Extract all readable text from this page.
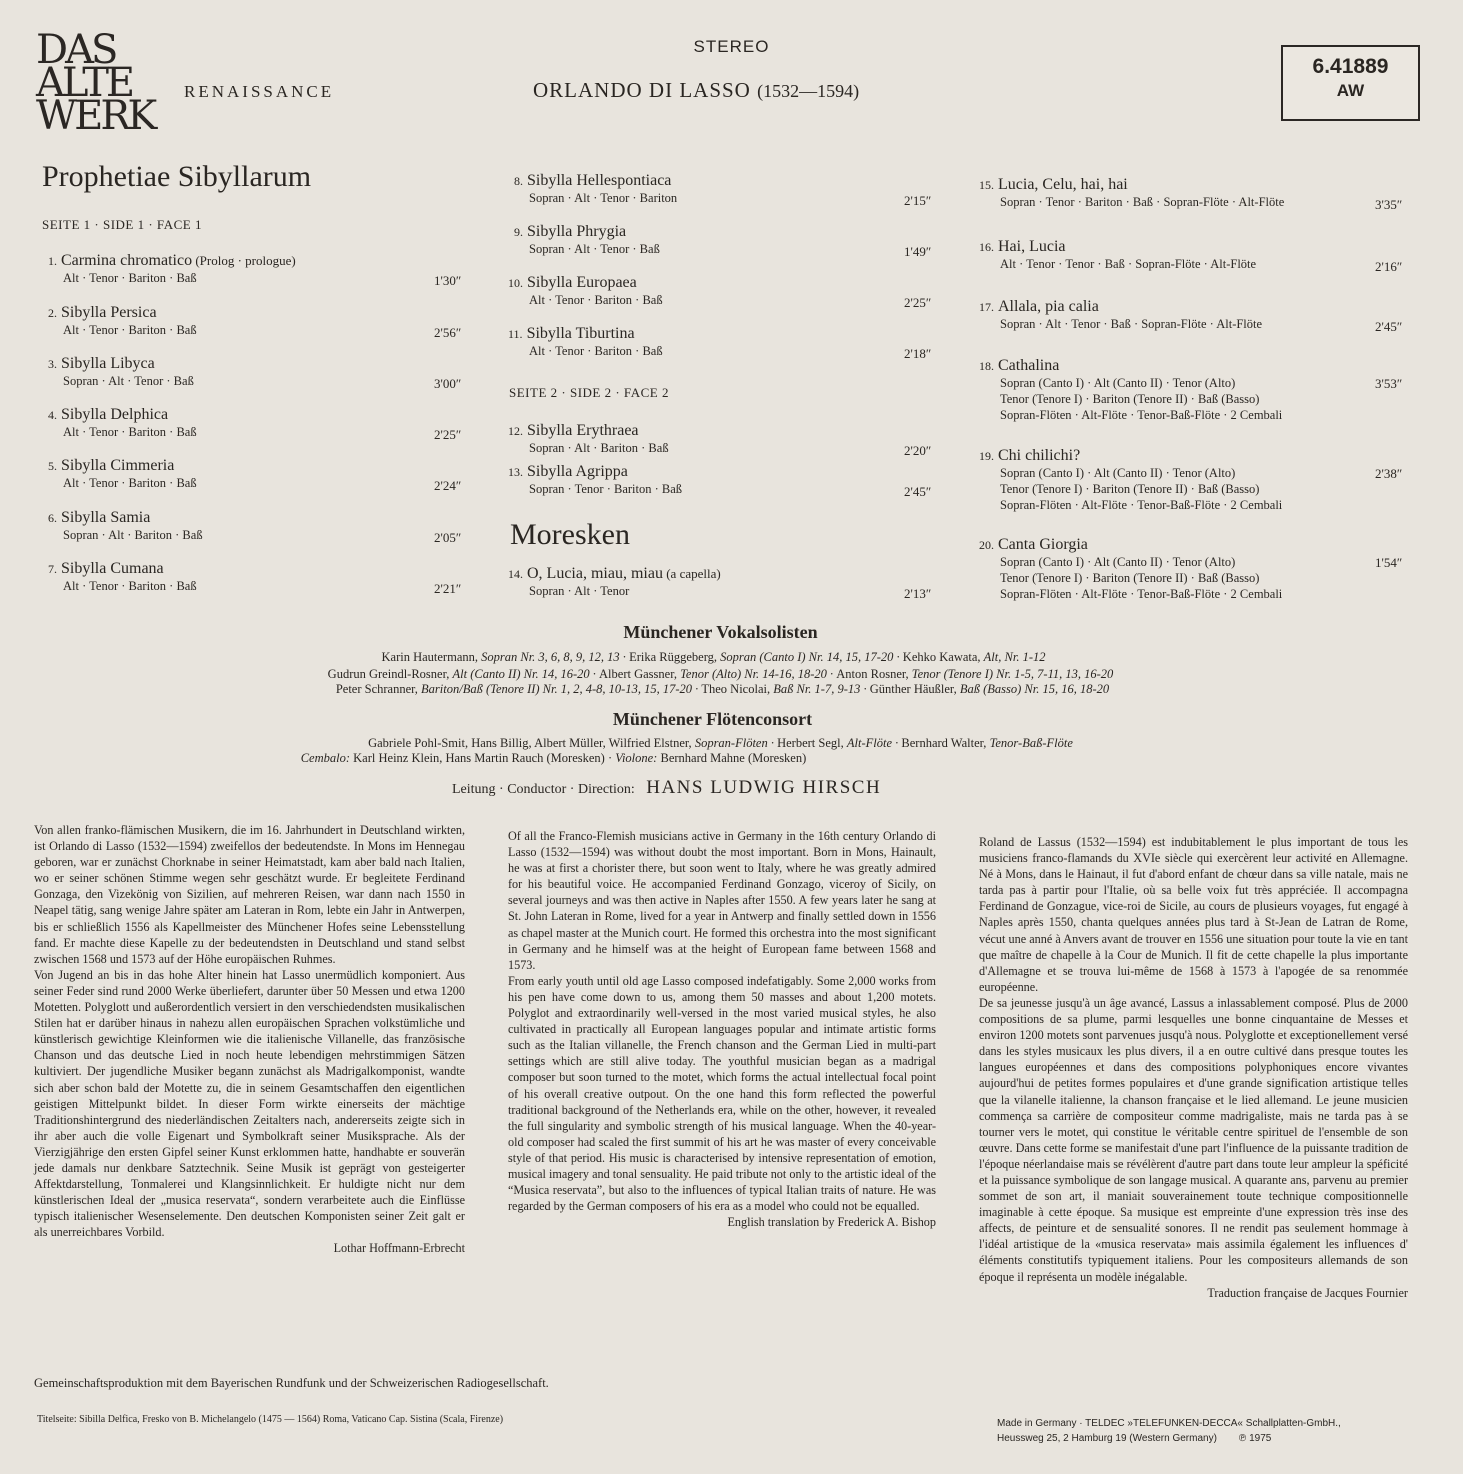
DAS
ALTE
WERK
RENAISSANCE
STEREO
ORLANDO DI LASSO (1532—1594)
6.41889
AW
Prophetiae Sibyllarum
SEITE 1 · SIDE 1 · FACE 1
SEITE 2 · SIDE 2 · FACE 2
Moresken
1. Carmina chromatico (Prolog · prologue)
Alt · Tenor · Bariton · Baß	1'30″
2. Sibylla Persica
Alt · Tenor · Bariton · Baß	2'56″
3. Sibylla Libyca
Sopran · Alt · Tenor · Baß	3'00″
4. Sibylla Delphica
Alt · Tenor · Bariton · Baß	2'25″
5. Sibylla Cimmeria
Alt · Tenor · Bariton · Baß	2'24″
6. Sibylla Samia
Sopran · Alt · Bariton · Baß	2'05″
7. Sibylla Cumana
Alt · Tenor · Bariton · Baß	2'21″
8. Sibylla Hellespontiaca
Sopran · Alt · Tenor · Bariton	2'15″
9. Sibylla Phrygia
Sopran · Alt · Tenor · Baß	1'49″
10. Sibylla Europaea
Alt · Tenor · Bariton · Baß	2'25″
11. Sibylla Tiburtina
Alt · Tenor · Bariton · Baß	2'18″
12. Sibylla Erythraea
Sopran · Alt · Bariton · Baß	2'20″
13. Sibylla Agrippa
Sopran · Tenor · Bariton · Baß	2'45″
14. O, Lucia, miau, miau (a capella)
Sopran · Alt · Tenor	2'13″
15. Lucia, Celu, hai, hai
Sopran · Tenor · Bariton · Baß · Sopran-Flöte · Alt-Flöte	3'35″
16. Hai, Lucia
Alt · Tenor · Tenor · Baß · Sopran-Flöte · Alt-Flöte	2'16″
17. Allala, pia calia
Sopran · Alt · Tenor · Baß · Sopran-Flöte · Alt-Flöte	2'45″
18. Cathalina
Sopran (Canto I) · Alt (Canto II) · Tenor (Alto)
Tenor (Tenore I) · Bariton (Tenore II) · Baß (Basso)
Sopran-Flöten · Alt-Flöte · Tenor-Baß-Flöte · 2 Cembali
3'53″
19. Chi chilichi?
Sopran (Canto I) · Alt (Canto II) · Tenor (Alto)
Tenor (Tenore I) · Bariton (Tenore II) · Baß (Basso)
Sopran-Flöten · Alt-Flöte · Tenor-Baß-Flöte · 2 Cembali
2'38″
20. Canta Giorgia
Sopran (Canto I) · Alt (Canto II) · Tenor (Alto)
Tenor (Tenore I) · Bariton (Tenore II) · Baß (Basso)
Sopran-Flöten · Alt-Flöte · Tenor-Baß-Flöte · 2 Cembali
1'54″
Münchener Vokalsolisten
Karin Hautermann, Sopran Nr. 3, 6, 8, 9, 12, 13 · Erika Rüggeberg, Sopran (Canto I) Nr. 14, 15, 17-20 · Kehko Kawata, Alt, Nr. 1-12
Gudrun Greindl-Rosner, Alt (Canto II) Nr. 14, 16-20 · Albert Gassner, Tenor (Alto) Nr. 14-16, 18-20 · Anton Rosner, Tenor (Tenore I) Nr. 1-5, 7-11, 13, 16-20
Peter Schranner, Bariton/Baß (Tenore II) Nr. 1, 2, 4-8, 10-13, 15, 17-20 · Theo Nicolai, Baß Nr. 1-7, 9-13 · Günther Häußler, Baß (Basso) Nr. 15, 16, 18-20
Münchener Flötenconsort
Gabriele Pohl-Smit, Hans Billig, Albert Müller, Wilfried Elstner, Sopran-Flöten · Herbert Segl, Alt-Flöte · Bernhard Walter, Tenor-Baß-Flöte
Cembalo: Karl Heinz Klein, Hans Martin Rauch (Moresken) · Violone: Bernhard Mahne (Moresken)
Leitung · Conductor · Direction: HANS LUDWIG HIRSCH

Von allen franko-flämischen Musikern, die im 16. Jahrhundert in Deutschland wirkten, ist Orlando di Lasso (1532—1594) zweifellos der bedeutendste. In Mons im Hennegau geboren, war er zunächst Chorknabe in seiner Heimatstadt, kam aber bald nach Italien, wo er seiner schönen Stimme wegen sehr geschätzt wurde. Er begleitete Ferdinand Gonzaga, den Vizekönig von Sizilien, auf mehreren Reisen, war dann nach 1550 in Neapel tätig, sang wenige Jahre später am Lateran in Rom, lebte ein Jahr in Antwerpen, bis er schließlich 1556 als Kapellmeister des Münchener Hofes seine Lebensstellung fand. Er machte diese Kapelle zu der bedeutendsten in Deutschland und stand selbst zwischen 1568 und 1573 auf der Höhe europäischen Ruhmes.

Von Jugend an bis in das hohe Alter hinein hat Lasso unermüdlich komponiert. Aus seiner Feder sind rund 2000 Werke überliefert, darunter über 50 Messen und etwa 1200 Motetten. Polyglott und außerordentlich versiert in den verschiedendsten musikalischen Stilen hat er darüber hinaus in nahezu allen europäischen Sprachen volkstümliche und künstlerisch gewichtige Kleinformen wie die italienische Villanelle, das französische Chanson und das deutsche Lied in noch heute lebendigen mehrstimmigen Sätzen kultiviert. Der jugendliche Musiker begann zunächst als Madrigalkomponist, wandte sich aber schon bald der Motette zu, die in seinem Gesamtschaffen den eigentlichen geistigen Mittelpunkt bildet. In dieser Form wirkte einerseits der mächtige Traditionshintergrund des niederländischen Zeitalters nach, andererseits zeigte sich in ihr aber auch die volle Eigenart und Symbolkraft seiner Musiksprache. Als der Vierzigjährige den ersten Gipfel seiner Kunst erklommen hatte, handhabte er souverän jede damals nur denkbare Satztechnik. Seine Musik ist geprägt von gesteigerter Affektdarstellung, Tonmalerei und Klangsinnlichkeit. Er huldigte nicht nur dem künstlerischen Ideal der „musica reservata“, sondern verarbeitete auch die Einflüsse typisch italienischer Wesenselemente. Den deutschen Komponisten seiner Zeit galt er als unerreichbares Vorbild.

Lothar Hoffmann-Erbrecht

Of all the Franco-Flemish musicians active in Germany in the 16th century Orlando di Lasso (1532—1594) was without doubt the most important. Born in Mons, Hainault, he was at first a chorister there, but soon went to Italy, where he was greatly admired for his beautiful voice. He accompanied Ferdinand Gonzago, viceroy of Sicily, on several journeys and was then active in Naples after 1550. A few years later he sang at St. John Lateran in Rome, lived for a year in Antwerp and finally settled down in 1556 as chapel master at the Munich court. He formed this orchestra into the most significant in Germany and he himself was at the height of European fame between 1568 and 1573.

From early youth until old age Lasso composed indefatigably. Some 2,000 works from his pen have come down to us, among them 50 masses and about 1,200 motets. Polyglot and extraordinarily well-versed in the most varied musical styles, he also cultivated in practically all European languages popular and intimate artistic forms such as the Italian villanelle, the French chanson and the German Lied in multi-part settings which are still alive today. The youthful musician began as a madrigal composer but soon turned to the motet, which forms the actual intellectual focal point of his overall creative outpout. On the one hand this form reflected the powerful traditional background of the Netherlands era, while on the other, however, it revealed the full singularity and symbolic strength of his musical language. When the 40-year-old composer had scaled the first summit of his art he was master of every conceivable style of that period. His music is characterised by intensive representation of emotion, musical imagery and tonal sensuality. He paid tribute not only to the artistic ideal of the “Musica reservata”, but also to the influences of typical Italian traits of nature. He was regarded by the German composers of his era as a model who could not be equalled.

English translation by Frederick A. Bishop

Roland de Lassus (1532—1594) est indubitablement le plus important de tous les musiciens franco-flamands du XVIe siècle qui exercèrent leur activité en Allemagne. Né à Mons, dans le Hainaut, il fut d'abord enfant de chœur dans sa ville natale, mais ne tarda pas à partir pour l'Italie, où sa belle voix fut très appréciée. Il accompagna Ferdinand de Gonzague, vice-roi de Sicile, au cours de plusieurs voyages, fut engagé à Naples après 1550, chanta quelques années plus tard à St-Jean de Latran de Rome, vécut une anné à Anvers avant de trouver en 1556 une situation pour toute la vie en tant que maître de chapelle à la Cour de Munich. Il fit de cette chapelle la plus importante d'Allemagne et se trouva lui-même de 1568 à 1573 à l'apogée de sa renommée européenne.

De sa jeunesse jusqu'à un âge avancé, Lassus a inlassablement composé. Plus de 2000 compositions de sa plume, parmi lesquelles une bonne cinquantaine de Messes et environ 1200 motets sont parvenues jusqu'à nous. Polyglotte et exceptionellement versé dans les styles musicaux les plus divers, il a en outre cultivé dans presque toutes les langues européennes et dans des compositions polyphoniques encore vivantes aujourd'hui de petites formes populaires et d'une grande signification artistique telles que la vilanelle italienne, la chanson française et le lied allemand. Le jeune musicien commença sa carrière de compositeur comme madrigaliste, mais ne tarda pas à se tourner vers le motet, qui constitue le véritable centre spirituel de l'ensemble de son œuvre. Dans cette forme se manifestait d'une part l'influence de la puissante tradition de l'époque néerlandaise mais se révélèrent d'autre part dans toute leur ampleur la spéficité et la puissance symbolique de son langage musical. A quarante ans, parvenu au premier sommet de son art, il maniait souverainement toute technique compositionnelle imaginable à cette époque. Sa musique est empreinte d'une expression très inse des affects, de peinture et de sensualité sonores. Il ne rendit pas seulement hommage à l'idéal artistique de la «musica reservata» mais assimila également les influences d' éléments constitutifs typiquement italiens. Pour les compositeurs allemands de son époque il représenta un modèle inégalable.

Traduction française de Jacques Fournier

Gemeinschaftsproduktion mit dem Bayerischen Rundfunk und der Schweizerischen Radiogesellschaft.
Titelseite: Sibilla Delfica, Fresko von B. Michelangelo (1475 — 1564) Roma, Vaticano Cap. Sistina (Scala, Firenze)	Made in Germany · TELDEC »TELEFUNKEN-DECCA« Schallplatten-GmbH.,
Heussweg 25, 2 Hamburg 19 (Western Germany) ℗ 1975
